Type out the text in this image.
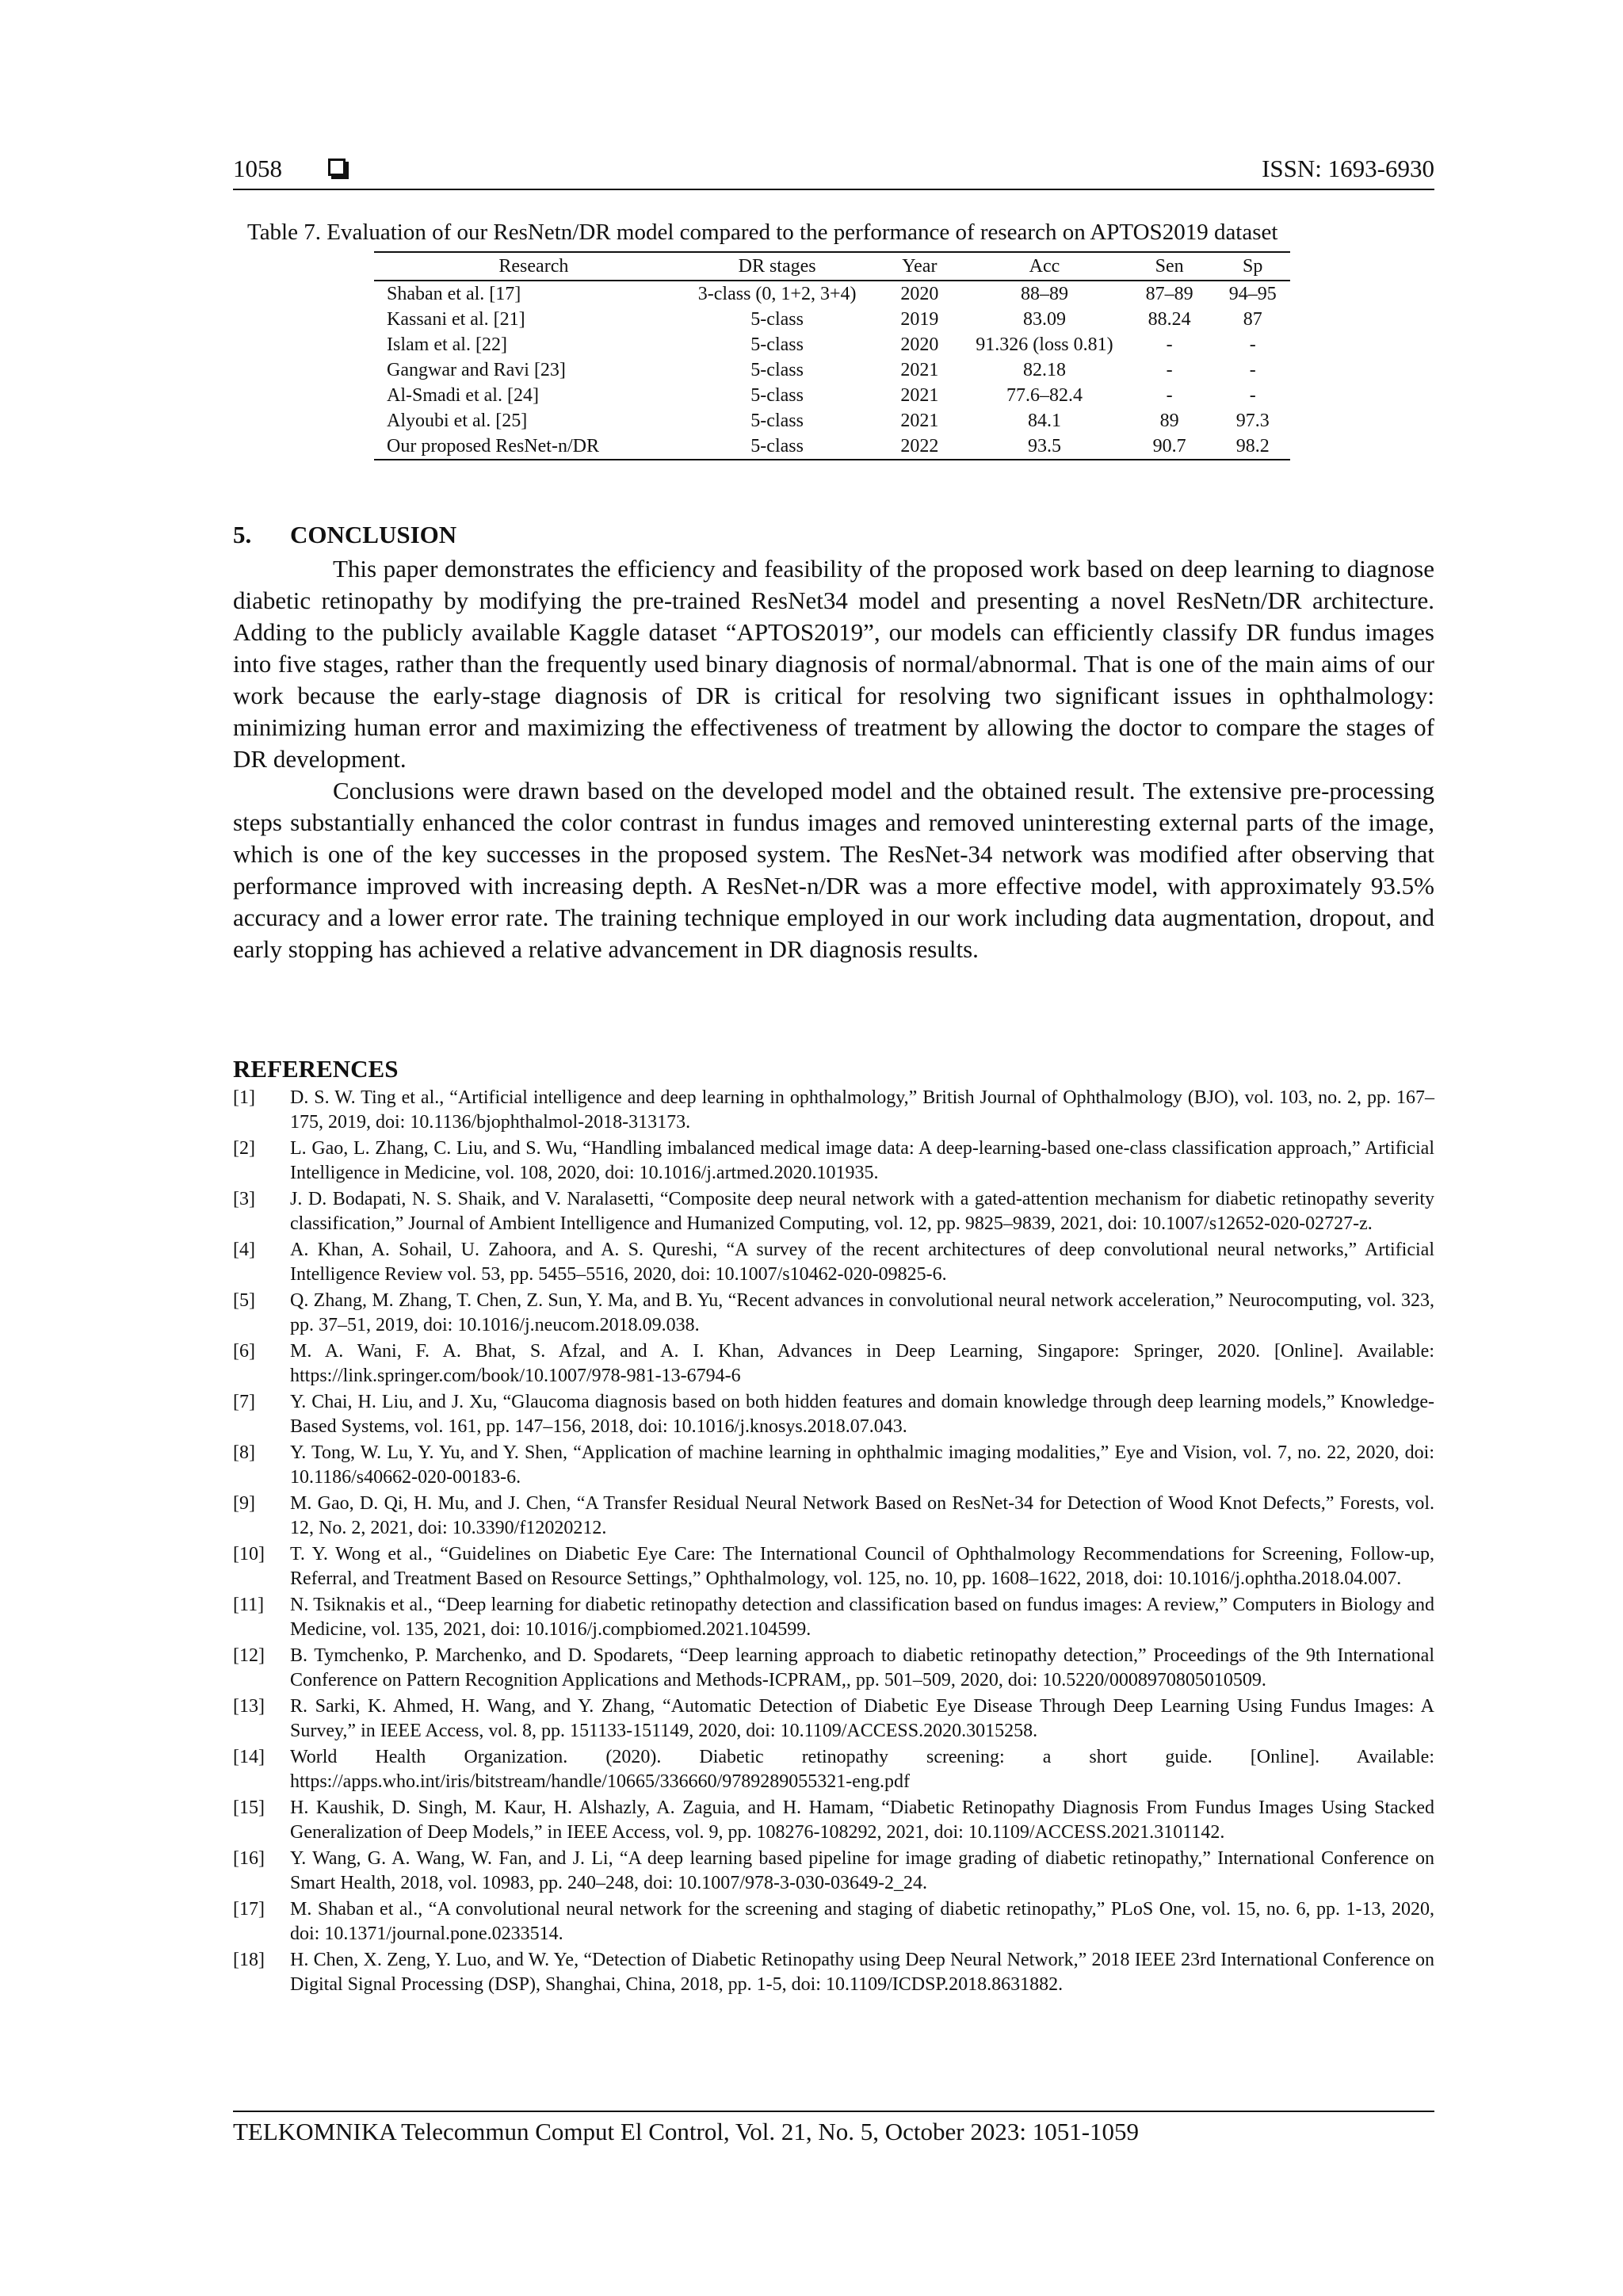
1058	ISSN: 1693-6930
Table 7. Evaluation of our ResNetn/DR model compared to the performance of research on APTOS2019 dataset
Research	DR stages	Year	Acc	Sen	Sp
Shaban et al. [17]	3-class (0, 1+2, 3+4)	2020	88–89	87–89	94–95
Kassani et al. [21]	5-class	2019	83.09	88.24	87
Islam et al. [22]	5-class	2020	91.326 (loss 0.81)	-	-
Gangwar and Ravi [23]	5-class	2021	82.18	-	-
Al-Smadi et al. [24]	5-class	2021	77.6–82.4	-	-
Alyoubi et al. [25]	5-class	2021	84.1	89	97.3
Our proposed ResNet-n/DR	5-class	2022	93.5	90.7	98.2
5. CONCLUSION

This paper demonstrates the efficiency and feasibility of the proposed work based on deep learning to diagnose diabetic retinopathy by modifying the pre-trained ResNet34 model and presenting a novel ResNetn/DR architecture. Adding to the publicly available Kaggle dataset “APTOS2019”, our models can efficiently classify DR fundus images into five stages, rather than the frequently used binary diagnosis of normal/abnormal. That is one of the main aims of our work because the early-stage diagnosis of DR is critical for resolving two significant issues in ophthalmology: minimizing human error and maximizing the effectiveness of treatment by allowing the doctor to compare the stages of DR development.

Conclusions were drawn based on the developed model and the obtained result. The extensive pre-processing steps substantially enhanced the color contrast in fundus images and removed uninteresting external parts of the image, which is one of the key successes in the proposed system. The ResNet-34 network was modified after observing that performance improved with increasing depth. A ResNet-n/DR was a more effective model, with approximately 93.5% accuracy and a lower error rate. The training technique employed in our work including data augmentation, dropout, and early stopping has achieved a relative advancement in DR diagnosis results.

REFERENCES
[1]	D. S. W. Ting et al., “Artificial intelligence and deep learning in ophthalmology,” British Journal of Ophthalmology (BJO), vol. 103, no. 2, pp. 167–175, 2019, doi: 10.1136/bjophthalmol-2018-313173.
[2]	L. Gao, L. Zhang, C. Liu, and S. Wu, “Handling imbalanced medical image data: A deep-learning-based one-class classification approach,” Artificial Intelligence in Medicine, vol. 108, 2020, doi: 10.1016/j.artmed.2020.101935.
[3]	J. D. Bodapati, N. S. Shaik, and V. Naralasetti, “Composite deep neural network with a gated-attention mechanism for diabetic retinopathy severity classification,” Journal of Ambient Intelligence and Humanized Computing, vol. 12, pp. 9825–9839, 2021, doi: 10.1007/s12652-020-02727-z.
[4]	A. Khan, A. Sohail, U. Zahoora, and A. S. Qureshi, “A survey of the recent architectures of deep convolutional neural networks,” Artificial Intelligence Review vol. 53, pp. 5455–5516, 2020, doi: 10.1007/s10462-020-09825-6.
[5]	Q. Zhang, M. Zhang, T. Chen, Z. Sun, Y. Ma, and B. Yu, “Recent advances in convolutional neural network acceleration,” Neurocomputing, vol. 323, pp. 37–51, 2019, doi: 10.1016/j.neucom.2018.09.038.
[6]	M. A. Wani, F. A. Bhat, S. Afzal, and A. I. Khan, Advances in Deep Learning, Singapore: Springer, 2020. [Online]. Available: https://link.springer.com/book/10.1007/978-981-13-6794-6
[7]	Y. Chai, H. Liu, and J. Xu, “Glaucoma diagnosis based on both hidden features and domain knowledge through deep learning models,” Knowledge-Based Systems, vol. 161, pp. 147–156, 2018, doi: 10.1016/j.knosys.2018.07.043.
[8]	Y. Tong, W. Lu, Y. Yu, and Y. Shen, “Application of machine learning in ophthalmic imaging modalities,” Eye and Vision, vol. 7, no. 22, 2020, doi: 10.1186/s40662-020-00183-6.
[9]	M. Gao, D. Qi, H. Mu, and J. Chen, “A Transfer Residual Neural Network Based on ResNet-34 for Detection of Wood Knot Defects,” Forests, vol. 12, No. 2, 2021, doi: 10.3390/f12020212.
[10]	T. Y. Wong et al., “Guidelines on Diabetic Eye Care: The International Council of Ophthalmology Recommendations for Screening, Follow-up, Referral, and Treatment Based on Resource Settings,” Ophthalmology, vol. 125, no. 10, pp. 1608–1622, 2018, doi: 10.1016/j.ophtha.2018.04.007.
[11]	N. Tsiknakis et al., “Deep learning for diabetic retinopathy detection and classification based on fundus images: A review,” Computers in Biology and Medicine, vol. 135, 2021, doi: 10.1016/j.compbiomed.2021.104599.
[12]	B. Tymchenko, P. Marchenko, and D. Spodarets, “Deep learning approach to diabetic retinopathy detection,” Proceedings of the 9th International Conference on Pattern Recognition Applications and Methods-ICPRAM,, pp. 501–509, 2020, doi: 10.5220/0008970805010509.
[13]	R. Sarki, K. Ahmed, H. Wang, and Y. Zhang, “Automatic Detection of Diabetic Eye Disease Through Deep Learning Using Fundus Images: A Survey,” in IEEE Access, vol. 8, pp. 151133-151149, 2020, doi: 10.1109/ACCESS.2020.3015258.
[14]	World Health Organization. (2020). Diabetic retinopathy screening: a short guide. [Online]. Available: https://apps.who.int/iris/bitstream/handle/10665/336660/9789289055321-eng.pdf
[15]	H. Kaushik, D. Singh, M. Kaur, H. Alshazly, A. Zaguia, and H. Hamam, “Diabetic Retinopathy Diagnosis From Fundus Images Using Stacked Generalization of Deep Models,” in IEEE Access, vol. 9, pp. 108276-108292, 2021, doi: 10.1109/ACCESS.2021.3101142.
[16]	Y. Wang, G. A. Wang, W. Fan, and J. Li, “A deep learning based pipeline for image grading of diabetic retinopathy,” International Conference on Smart Health, 2018, vol. 10983, pp. 240–248, doi: 10.1007/978-3-030-03649-2_24.
[17]	M. Shaban et al., “A convolutional neural network for the screening and staging of diabetic retinopathy,” PLoS One, vol. 15, no. 6, pp. 1-13, 2020, doi: 10.1371/journal.pone.0233514.
[18]	H. Chen, X. Zeng, Y. Luo, and W. Ye, “Detection of Diabetic Retinopathy using Deep Neural Network,” 2018 IEEE 23rd International Conference on Digital Signal Processing (DSP), Shanghai, China, 2018, pp. 1-5, doi: 10.1109/ICDSP.2018.8631882.
TELKOMNIKA Telecommun Comput El Control, Vol. 21, No. 5, October 2023: 1051-1059
